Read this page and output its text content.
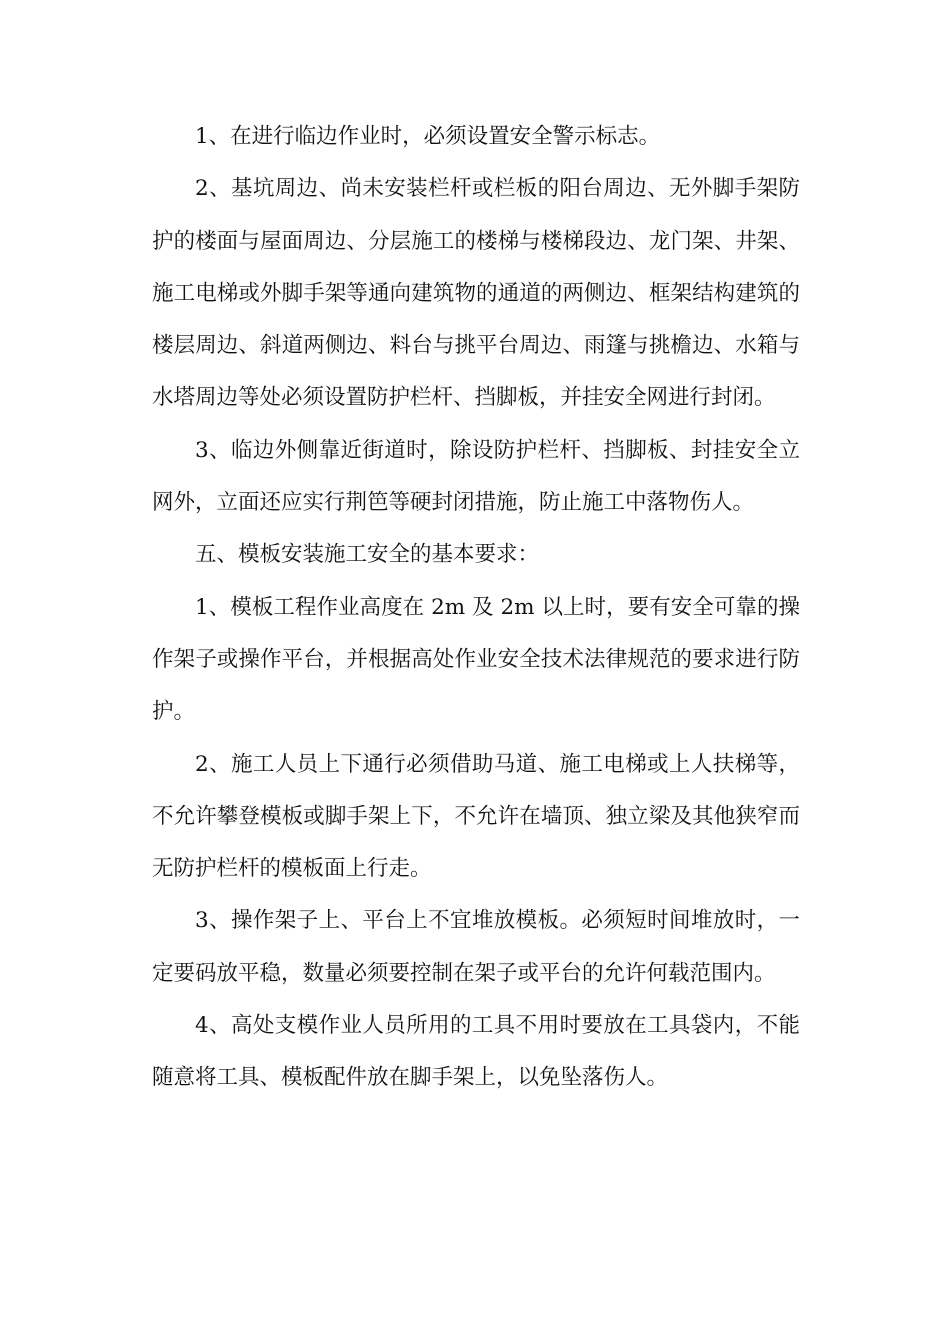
1、在进行临边作业时，必须设置安全警示标志。

2、基坑周边、尚未安装栏杆或栏板的阳台周边、无外脚手架防护的楼面与屋面周边、分层施工的楼梯与楼梯段边、龙门架、井架、施工电梯或外脚手架等通向建筑物的通道的两侧边、框架结构建筑的楼层周边、斜道两侧边、料台与挑平台周边、雨篷与挑檐边、水箱与水塔周边等处必须设置防护栏杆、挡脚板，并挂安全网进行封闭。

3、临边外侧靠近街道时，除设防护栏杆、挡脚板、封挂安全立网外，立面还应实行荆笆等硬封闭措施，防止施工中落物伤人。

五、模板安装施工安全的基本要求：

1、模板工程作业高度在 2m 及 2m 以上时，要有安全可靠的操作架子或操作平台，并根据高处作业安全技术法律规范的要求进行防护。

2、施工人员上下通行必须借助马道、施工电梯或上人扶梯等，不允许攀登模板或脚手架上下，不允许在墙顶、独立梁及其他狭窄而无防护栏杆的模板面上行走。

3、操作架子上、平台上不宜堆放模板。必须短时间堆放时，一定要码放平稳，数量必须要控制在架子或平台的允许何载范围内。

4、高处支模作业人员所用的工具不用时要放在工具袋内，不能随意将工具、模板配件放在脚手架上，以免坠落伤人。
